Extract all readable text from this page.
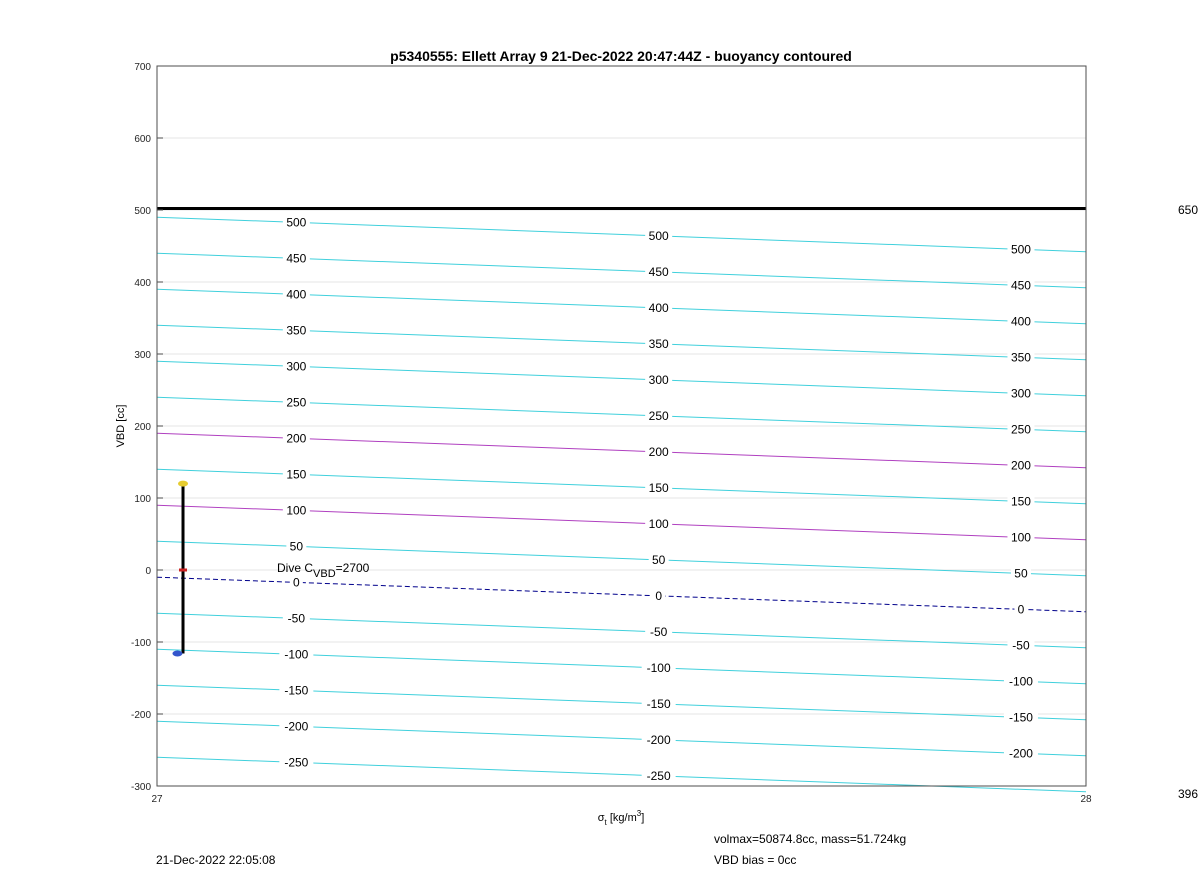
-250
-250
-200
-200
-200
-150
-150
-150
-100
-100
-100
-50
-50
-50
0
0
0
50
50
50
100
100
100
150
150
150
200
200
200
250
250
250
300
300
300
350
350
350
400
400
400
450
450
450
500
500
500
700
600
500
400
300
200
100
0
-100
-200
-300
27	28
p5340555: Ellett Array 9 21-Dec-2022 20:47:44Z - buoyancy contoured
VBD [cc]
$\sigma_t$ $[kg/m^3]$
650
396
Dive CVBD=2700
21-Dec-2022 22:05:08
volmax=50874.8cc, mass=51.724kg
VBD bias = 0cc
